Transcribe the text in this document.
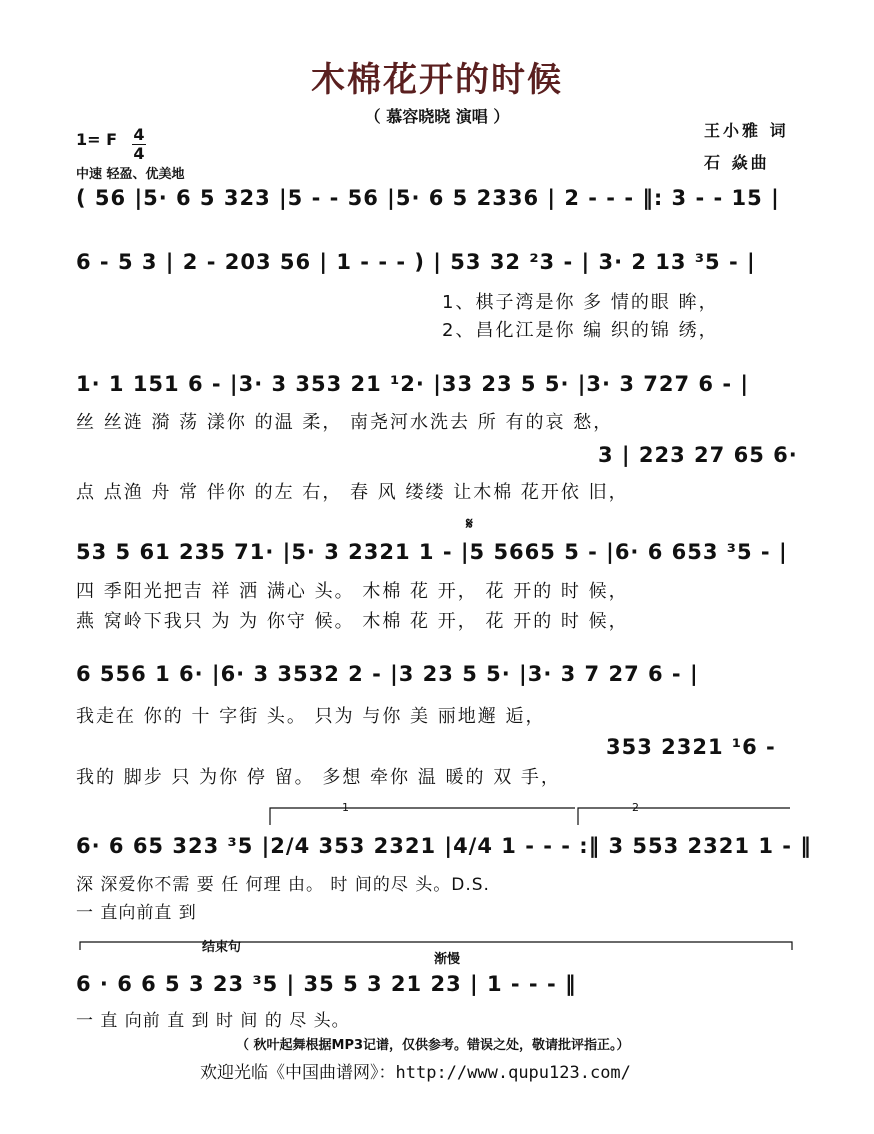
木棉花开的时候
（ 慕容晓晓 演唱 ）
1= F	4
4
中速 轻盈、优美地
王小雅 词
石 焱曲
( 56 |5· 6 5 323 |5 - - 56 |5· 6 5 2336 | 2 - - - ‖: 3 - - 15 |
6 - 5 3 | 2 - 203 56 | 1 - - - ) | 53 32 ²3 - | 3· 2 13 ³5 - |
1、棋子湾是你 多 情的眼 眸，
2、昌化江是你 编 织的锦 绣，
1· 1 151 6 - |3· 3 353 21 ¹2· |33 23 5 5· |3· 3 727 6 - |
丝 丝涟 漪 荡 漾你 的温 柔， 南尧河水洗去 所 有的哀 愁，
3 | 223 27 65 6·
点 点渔 舟 常 伴你 的左 右， 春 风 缕缕 让木棉 花开依 旧，
𝄋
53 5 61 235 71· |5· 3 2321 1 - |5 5665 5 - |6· 6 653 ³5 - |
四 季阳光把吉 祥 洒 满心 头。 木棉 花 开， 花 开的 时 候，
燕 窝岭下我只 为 为 你守 候。 木棉 花 开， 花 开的 时 候，
6 556 1 6· |6· 3 3532 2 - |3 23 5 5· |3· 3 7 27 6 - |
我走在 你的 十 字街 头。 只为 与你 美 丽地邂 逅，
353 2321 ¹6 -
我的 脚步 只 为你 停 留。 多想 牵你 温 暖的 双 手，
1	2
6· 6 65 323 ³5 |2/4 353 2321 |4/4 1 - - - :‖ 3 553 2321 1 - ‖
深 深爱你不需 要 任 何理 由。 时 间的尽 头。D.S.
一 直向前直 到
结束句
渐慢
6 · 6 6 5 3 23 ³5 | 35 5 3 21 23 | 1 - - - ‖
一 直 向前 直 到 时 间 的 尽 头。
（ 秋叶起舞根据MP3记谱，仅供参考。错误之处，敬请批评指正。）
欢迎光临《中国曲谱网》：http://www.qupu123.com/
